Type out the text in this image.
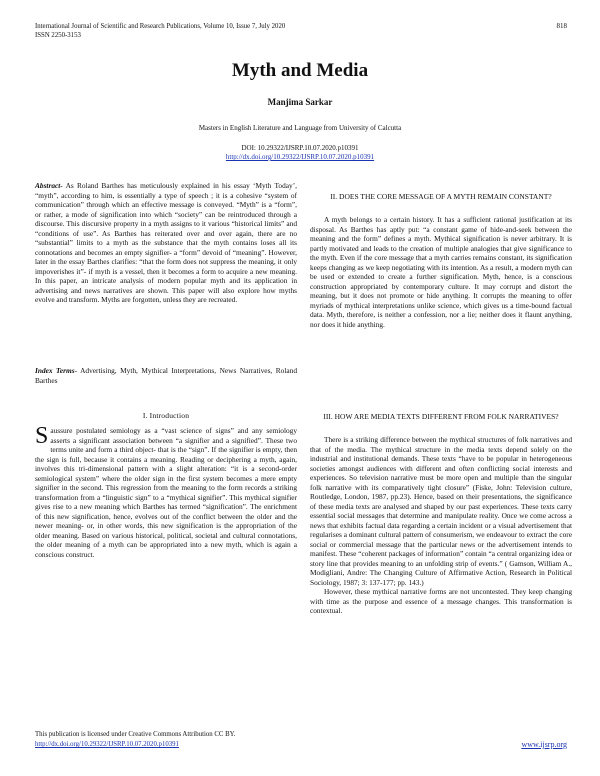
International Journal of Scientific and Research Publications, Volume 10, Issue 7, July 2020
ISSN 2250-3153
818
Myth and Media
Manjima Sarkar
Masters in English Literature and Language from University of Calcutta
DOI: 10.29322/IJSRP.10.07.2020.p10391
http://dx.doi.org/10.29322/IJSRP.10.07.2020.p10391

Abstract- As Roland Barthes has meticulously explained in his essay ‘Myth Today’, “myth”, according to him, is essentially a type of speech ; it is a cohesive “system of communication” through which an effective message is conveyed. “Myth” is a “form”, or rather, a mode of signification into which “society” can be reintroduced through a discourse. This discursive property in a myth assigns to it various “historical limits” and “conditions of use”. As Barthes has reiterated over and over again, there are no “substantial” limits to a myth as the substance that the myth contains loses all its connotations and becomes an empty signifier- a “form” devoid of “meaning”. However, later in the essay Barthes clarifies: “that the form does not suppress the meaning, it only impoverishes it”- if myth is a vessel, then it becomes a form to acquire a new meaning. In this paper, an intricate analysis of modern popular myth and its application in advertising and news narratives are shown. This paper will also explore how myths evolve and transform. Myths are forgotten, unless they are recreated.

Index Terms- Advertising, Myth, Mythical Interpretations, News Narratives, Roland Barthes

I. Introduction

Saussure postulated semiology as a “vast science of signs” and any semiology asserts a significant association between “a signifier and a signified”. These two terms unite and form a third object- that is the “sign”. If the signifier is empty, then the sign is full, because it contains a meaning. Reading or deciphering a myth, again, involves this tri-dimensional pattern with a slight alteration: “it is a second-order semiological system” where the older sign in the first system becomes a mere empty signifier in the second. This regression from the meaning to the form records a striking transformation from a “linguistic sign” to a “mythical signifier”. This mythical signifier gives rise to a new meaning which Barthes has termed “signification”. The enrichment of this new signification, hence, evolves out of the conflict between the older and the newer meaning- or, in other words, this new signification is the appropriation of the older meaning. Based on various historical, political, societal and cultural connotations, the older meaning of a myth can be appropriated into a new myth, which is again a conscious construct.

II. DOES THE CORE MESSAGE OF A MYTH REMAIN CONSTANT?

A myth belongs to a certain history. It has a sufficient rational justification at its disposal. As Barthes has aptly put: “a constant game of hide-and-seek between the meaning and the form” defines a myth. Mythical signification is never arbitrary. It is partly motivated and leads to the creation of multiple analogies that give significance to the myth. Even if the core message that a myth carries remains constant, its signification keeps changing as we keep negotiating with its intention. As a result, a modern myth can be used or extended to create a further signification. Myth, hence, is a conscious construction appropriated by contemporary culture. It may corrupt and distort the meaning, but it does not promote or hide anything. It corrupts the meaning to offer myriads of mythical interpretations unlike science, which gives us a time-bound factual data. Myth, therefore, is neither a confession, nor a lie; neither does it flaunt anything, nor does it hide anything.

III. HOW ARE MEDIA TEXTS DIFFERENT FROM FOLK NARRATIVES?

There is a striking difference between the mythical structures of folk narratives and that of the media. The mythical structure in the media texts depend solely on the industrial and institutional demands. These texts “have to be popular in heterogeneous societies amongst audiences with different and often conflicting social interests and experiences. So television narrative must be more open and multiple than the singular folk narrative with its comparatively tight closure” (Fiske, John: Television culture, Routledge, London, 1987, pp.23). Hence, based on their presentations, the significance of these media texts are analysed and shaped by our past experiences. These texts carry essential social messages that determine and manipulate reality. Once we come across a news that exhibits factual data regarding a certain incident or a visual advertisement that regularises a dominant cultural pattern of consumerism, we endeavour to extract the core social or commercial message that the particular news or the advertisement intends to manifest. These “coherent packages of information” contain “a central organizing idea or story line that provides meaning to an unfolding strip of events.” ( Gamson, William A., Modigliani, Andre: The Changing Culture of Affirmative Action, Research in Political Sociology, 1987; 3: 137-177; pp. 143.)

However, these mythical narrative forms are not uncontested. They keep changing with time as the purpose and essence of a message changes. This transformation is contextual.

This publication is licensed under Creative Commons Attribution CC BY.
http://dx.doi.org/10.29322/IJSRP.10.07.2020.p10391	www.ijsrp.org
